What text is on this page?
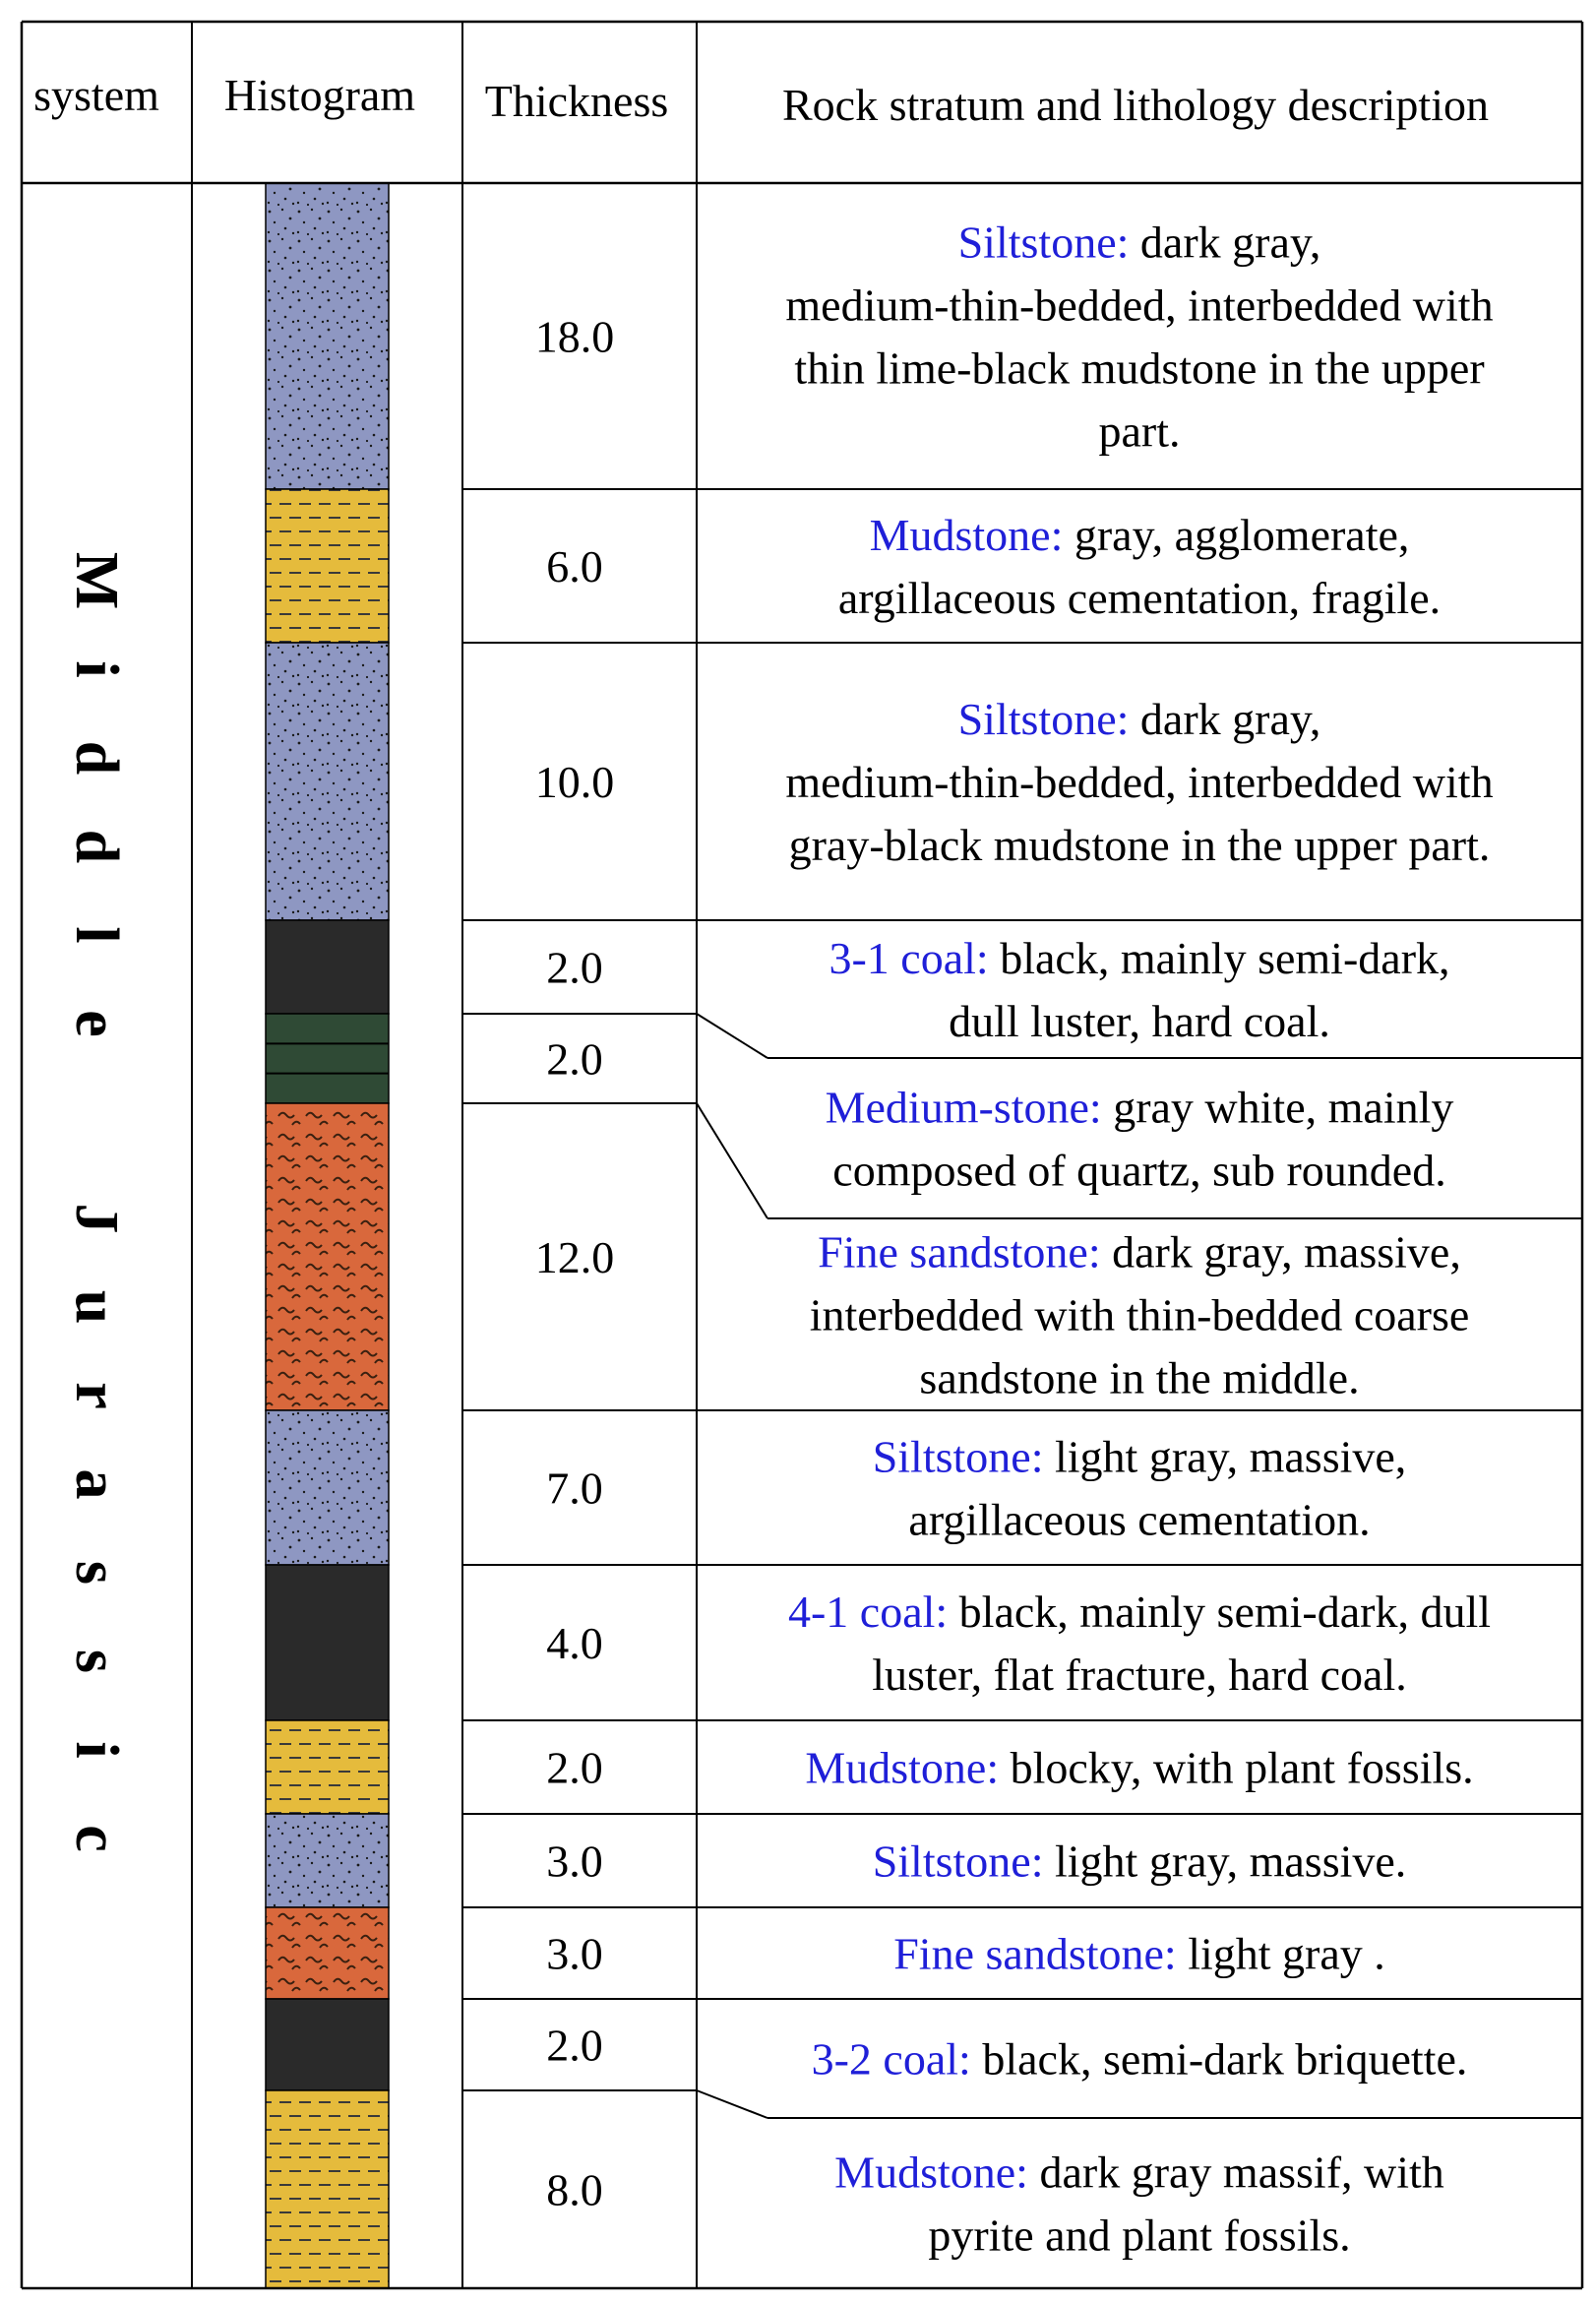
system Histogram Thickness	Rock stratum and lithology description
18.0
6.0
10.0
2.0
2.0
12.0
7.0
4.0
2.0
3.0
3.0
2.0
8.0
Siltstone: dark gray,
medium-thin-bedded, interbedded with
thin lime-black mudstone in the upper
part.
Mudstone: gray, agglomerate,
argillaceous cementation, fragile.
Siltstone: dark gray,
medium-thin-bedded, interbedded with
gray-black mudstone in the upper part.
3-1 coal: black, mainly semi-dark,
dull luster, hard coal.
Medium-stone: gray white, mainly
composed of quartz, sub rounded.
Fine sandstone: dark gray, massive,
interbedded with thin-bedded coarse
sandstone in the middle.
Siltstone: light gray, massive,
argillaceous cementation.
4-1 coal: black, mainly semi-dark, dull
luster, flat fracture, hard coal.
Mudstone: blocky, with plant fossils.
Siltstone: light gray, massive.
Fine sandstone: light gray .
3-2 coal: black, semi-dark briquette.
Mudstone: dark gray massif, with
pyrite and plant fossils.
M
i
d
d
l
e
J
u
r
a
s
s
i
c
